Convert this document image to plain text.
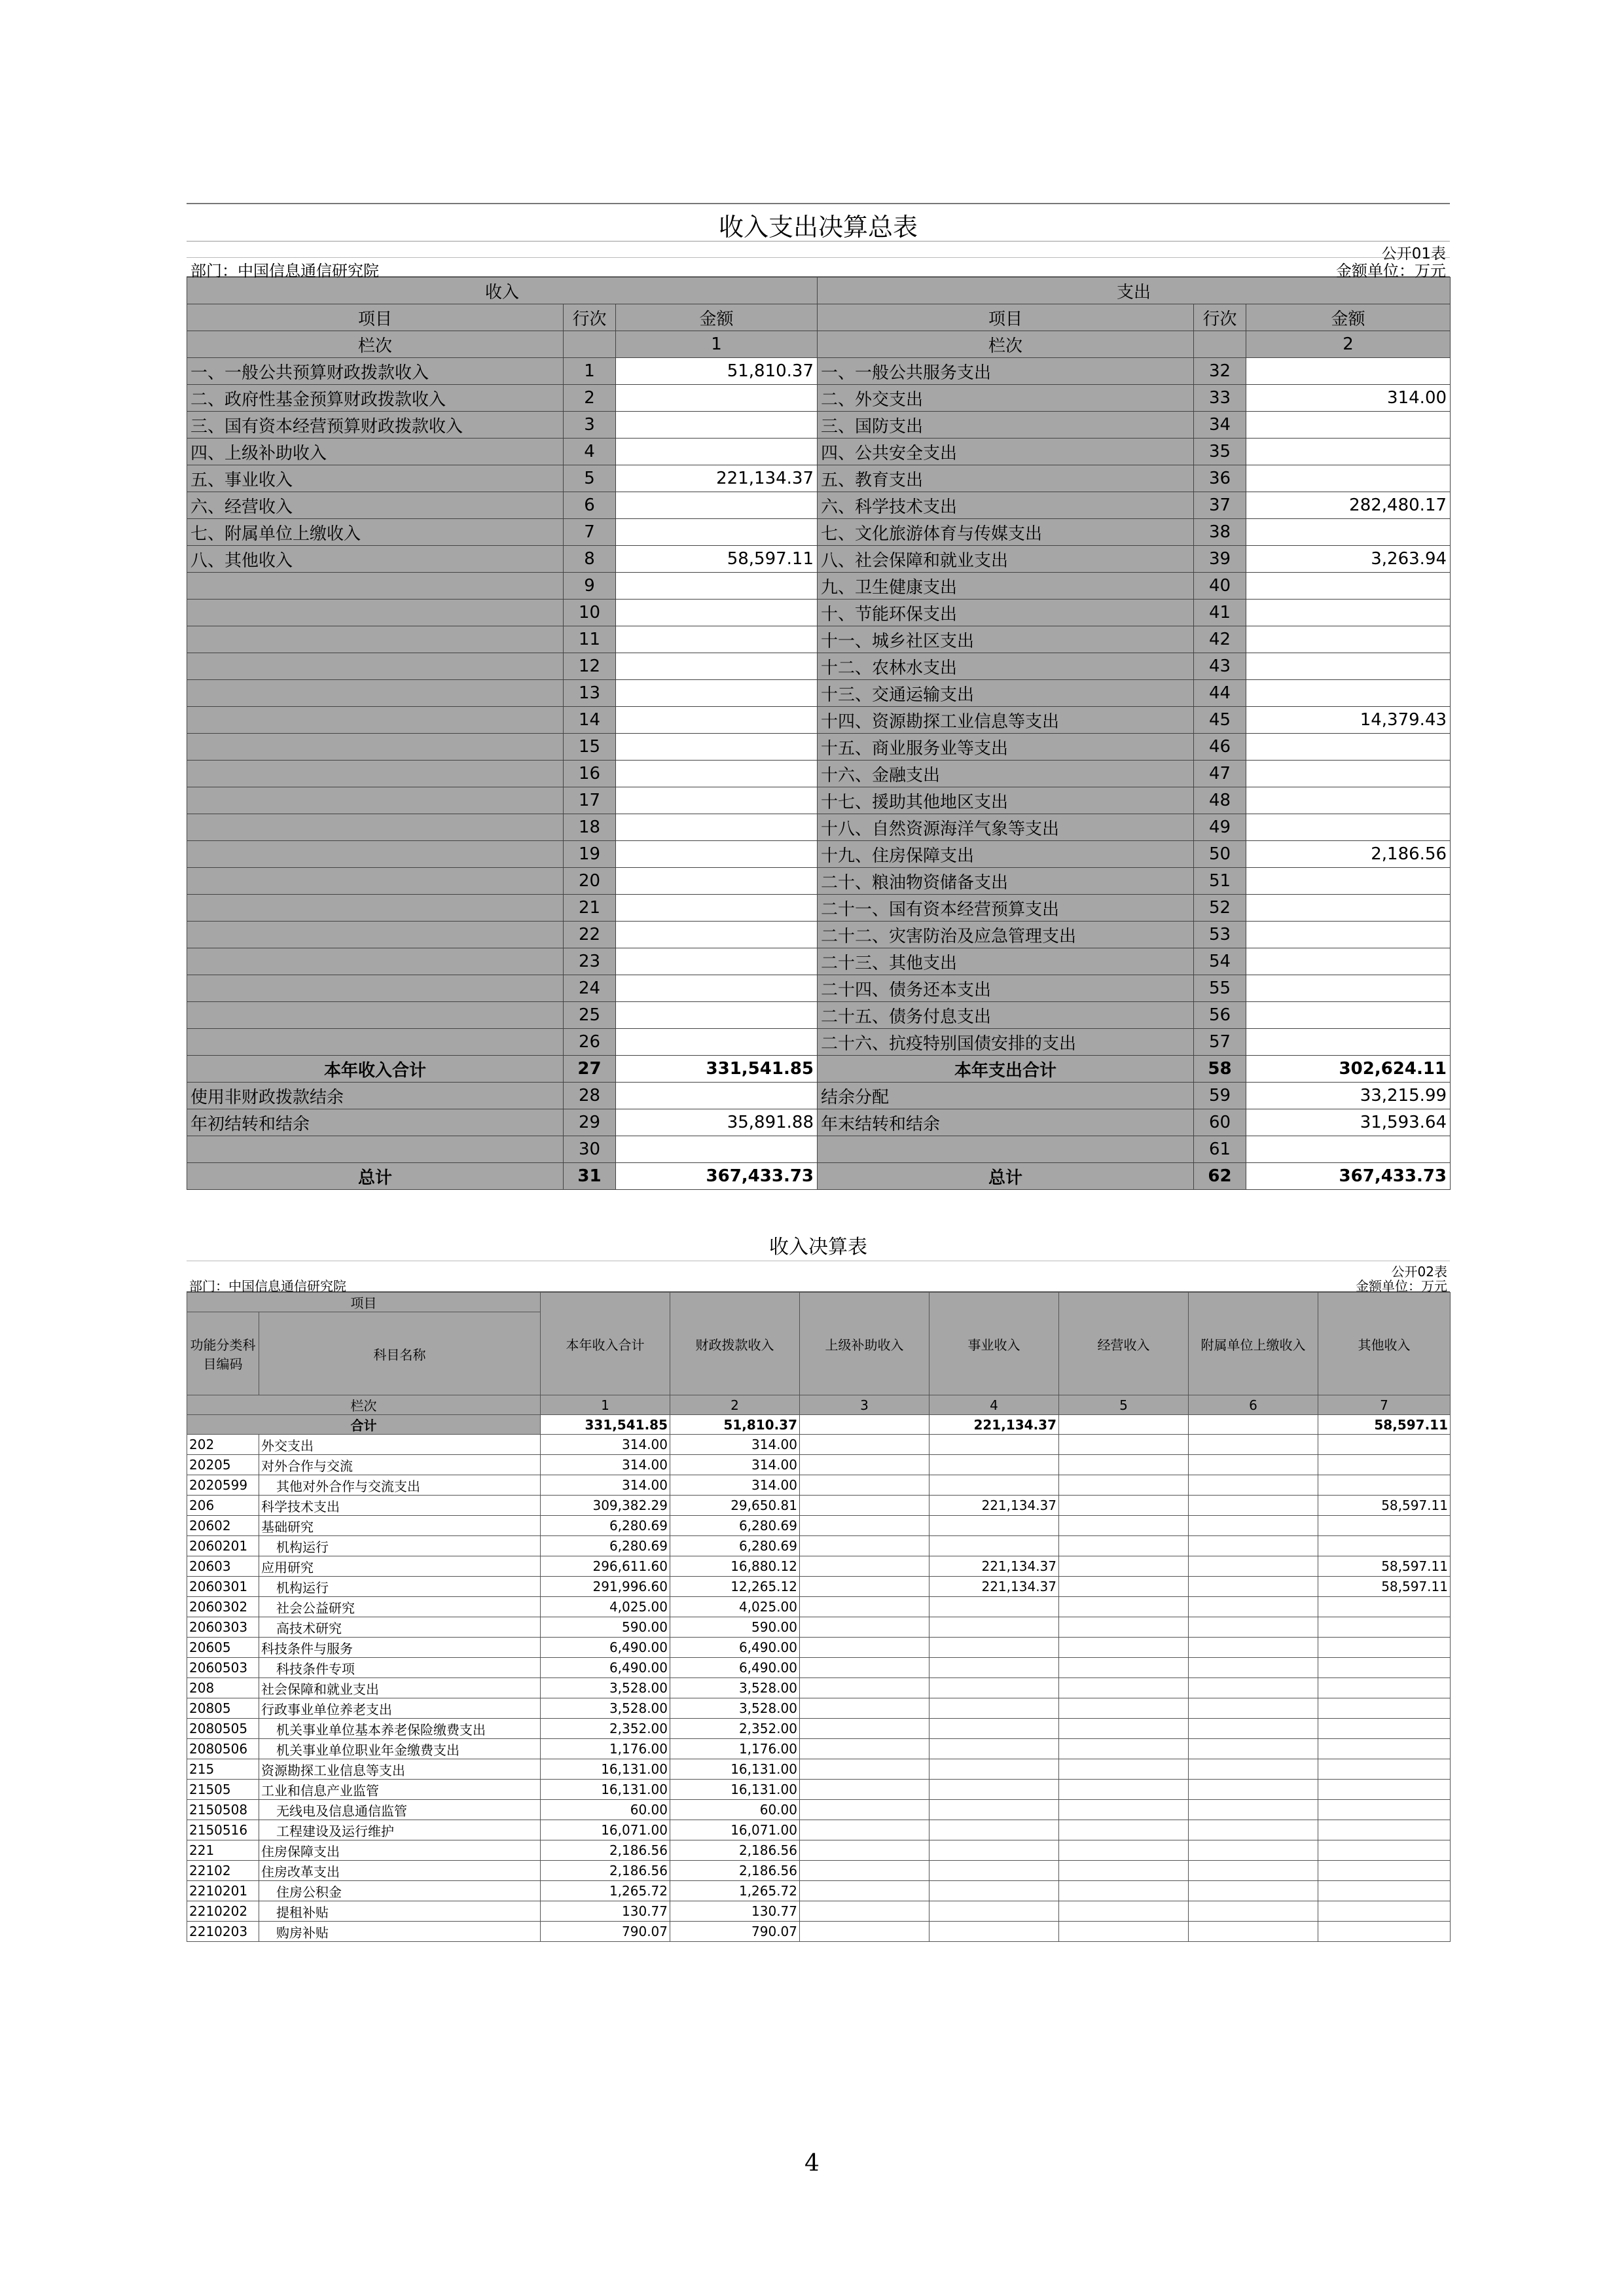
收入支出决算总表
公开01表
部门：中国信息通信研究院	金额单位：万元
收入			支出		
项目	行次	金额	项目	行次	金额
栏次		1	栏次		2
一、一般公共预算财政拨款收入	1	51,810.37	一、一般公共服务支出	32	
二、政府性基金预算财政拨款收入	2		二、外交支出	33	314.00
三、国有资本经营预算财政拨款收入	3		三、国防支出	34	
四、上级补助收入	4		四、公共安全支出	35	
五、事业收入	5	221,134.37	五、教育支出	36	
六、经营收入	6		六、科学技术支出	37	282,480.17
七、附属单位上缴收入	7		七、文化旅游体育与传媒支出	38	
八、其他收入	8	58,597.11	八、社会保障和就业支出	39	3,263.94
	9		九、卫生健康支出	40	
	10		十、节能环保支出	41	
	11		十一、城乡社区支出	42	
	12		十二、农林水支出	43	
	13		十三、交通运输支出	44	
	14		十四、资源勘探工业信息等支出	45	14,379.43
	15		十五、商业服务业等支出	46	
	16		十六、金融支出	47	
	17		十七、援助其他地区支出	48	
	18		十八、自然资源海洋气象等支出	49	
	19		十九、住房保障支出	50	2,186.56
	20		二十、粮油物资储备支出	51	
	21		二十一、国有资本经营预算支出	52	
	22		二十二、灾害防治及应急管理支出	53	
	23		二十三、其他支出	54	
	24		二十四、债务还本支出	55	
	25		二十五、债务付息支出	56	
	26		二十六、抗疫特别国债安排的支出	57	
本年收入合计	27	331,541.85	本年支出合计	58	302,624.11
使用非财政拨款结余	28		结余分配	59	33,215.99
年初结转和结余	29	35,891.88	年末结转和结余	60	31,593.64
	30			61	
总计	31	367,433.73	总计	62	367,433.73
收入决算表
公开02表
部门：中国信息通信研究院	金额单位：万元
项目		本年收入合计	财政拨款收入	上级补助收入	事业收入	经营收入	附属单位上缴收入	其他收入
功能分类科目编码	科目名称							
栏次		1	2	3	4	5	6	7
合计		331,541.85	51,810.37		221,134.37			58,597.11
202	外交支出	314.00	314.00					
20205	对外合作与交流	314.00	314.00					
2020599	其他对外合作与交流支出	314.00	314.00					
206	科学技术支出	309,382.29	29,650.81		221,134.37			58,597.11
20602	基础研究	6,280.69	6,280.69					
2060201	机构运行	6,280.69	6,280.69					
20603	应用研究	296,611.60	16,880.12		221,134.37			58,597.11
2060301	机构运行	291,996.60	12,265.12		221,134.37			58,597.11
2060302	社会公益研究	4,025.00	4,025.00					
2060303	高技术研究	590.00	590.00					
20605	科技条件与服务	6,490.00	6,490.00					
2060503	科技条件专项	6,490.00	6,490.00					
208	社会保障和就业支出	3,528.00	3,528.00					
20805	行政事业单位养老支出	3,528.00	3,528.00					
2080505	机关事业单位基本养老保险缴费支出	2,352.00	2,352.00					
2080506	机关事业单位职业年金缴费支出	1,176.00	1,176.00					
215	资源勘探工业信息等支出	16,131.00	16,131.00					
21505	工业和信息产业监管	16,131.00	16,131.00					
2150508	无线电及信息通信监管	60.00	60.00					
2150516	工程建设及运行维护	16,071.00	16,071.00					
221	住房保障支出	2,186.56	2,186.56					
22102	住房改革支出	2,186.56	2,186.56					
2210201	住房公积金	1,265.72	1,265.72					
2210202	提租补贴	130.77	130.77					
2210203	购房补贴	790.07	790.07					
4
